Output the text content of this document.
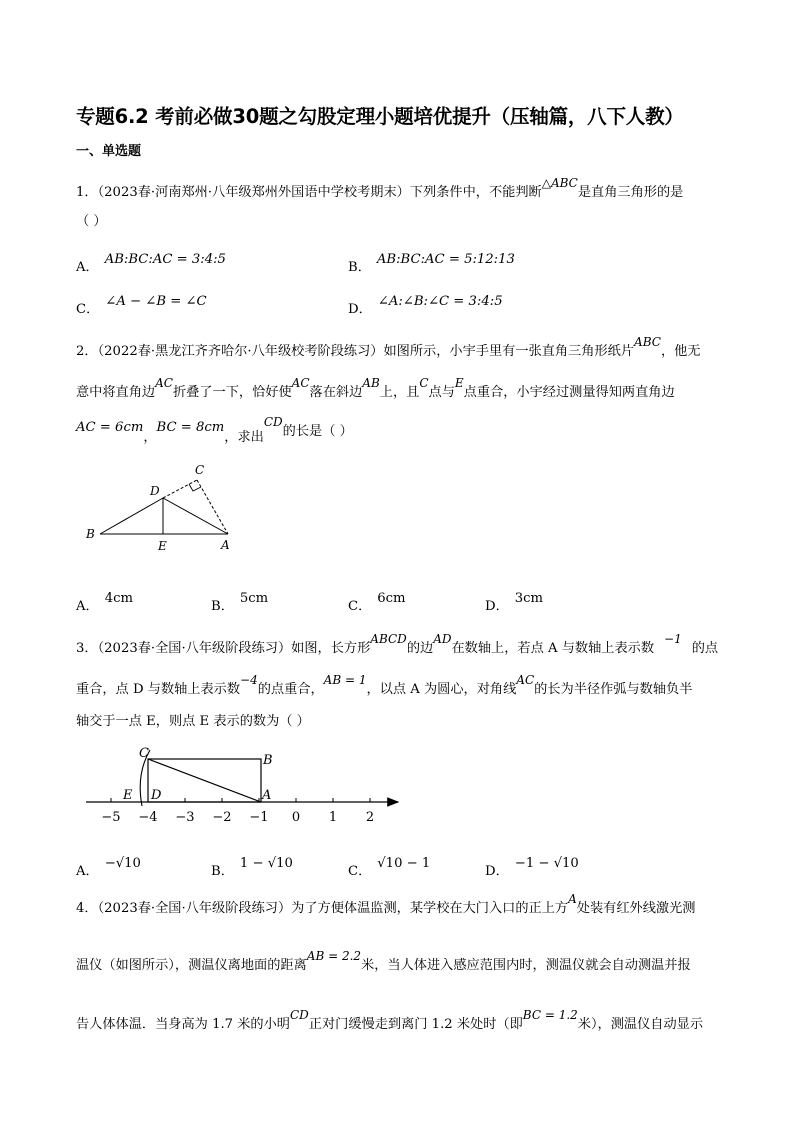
专题6.2 考前必做30题之勾股定理小题培优提升（压轴篇，八下人教）
一、单选题
1．（2023春·河南郑州·八年级郑州外国语中学校考期末）下列条件中，不能判断△ABC是直角三角形的是
（ ）
A．AB:BC:AC = 3:4:5
B．AB:BC:AC = 5:12:13
C．∠A − ∠B = ∠C
D．∠A:∠B:∠C = 3:4:5
2．（2022春·黑龙江齐齐哈尔·八年级校考阶段练习）如图所示，小宇手里有一张直角三角形纸片ABC，他无
意中将直角边AC折叠了一下，恰好使AC落在斜边AB上，且C点与E点重合，小宇经过测量得知两直角边
AC = 6cm，BC = 8cm，求出CD的长是（ ）
B
E	A
D
C
A．4cm
B．5cm
C．6cm
D．3cm
3．（2023春·全国·八年级阶段练习）如图，长方形ABCD的边AD在数轴上，若点 A 与数轴上表示数−1的点
重合，点 D 与数轴上表示数−4的点重合，AB = 1，以点 A 为圆心，对角线AC的长为半径作弧与数轴负半
轴交于一点 E，则点 E 表示的数为（ ）
−5 −4 −3 −2 −1 0 1 2
C	B
E D	A
A．−√10
B．1 − √10
C．√10 − 1
D．−1 − √10
4．（2023春·全国·八年级阶段练习）为了方便体温监测，某学校在大门入口的正上方A处装有红外线激光测
温仪（如图所示），测温仪离地面的距离AB = 2.2米，当人体进入感应范围内时，测温仪就会自动测温并报
告人体体温．当身高为 1.7 米的小明CD正对门缓慢走到离门 1.2 米处时（即BC = 1.2米），测温仪自动显示
